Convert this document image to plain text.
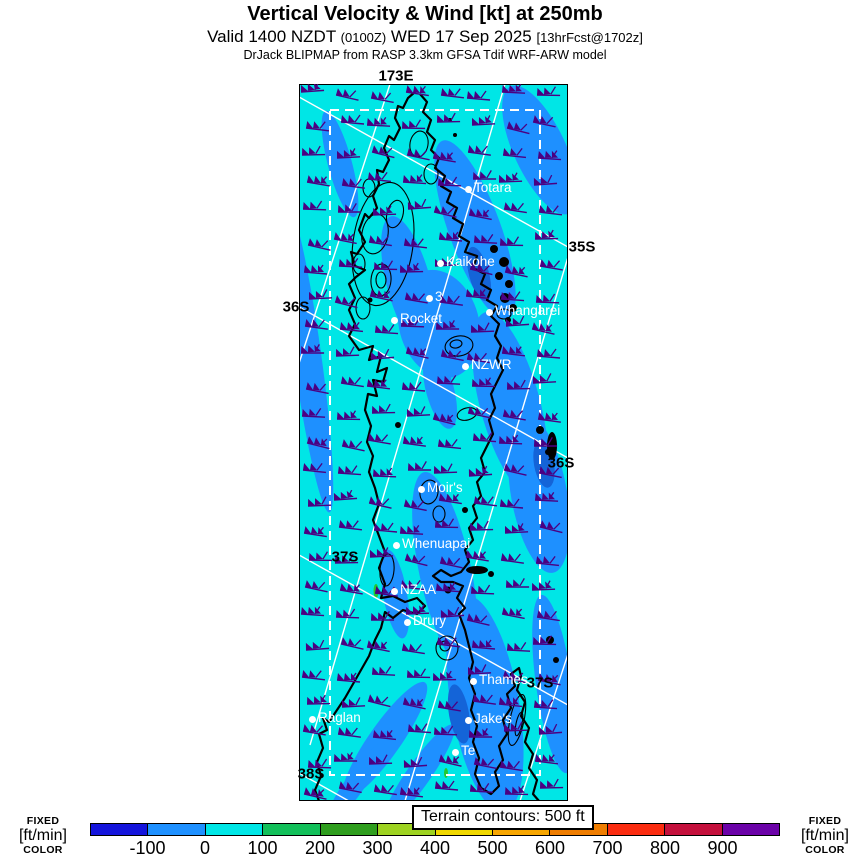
Vertical Velocity & Wind [kt] at 250mb
Valid 1400 NZDT (0100Z) WED 17 Sep 2025 [13hrFcst@1702z]
DrJack BLIPMAP from RASP 3.3km GFSA Tdif WRF-ARW model
173E
35S
36S
36S
37S
37S
38S
Totara
Kaikohe
3
Rocket
Whangarei
NZWR
Moir's
Whenuapai
NZAA
Drury
Thames
Jake's
Te
Raglan
Terrain contours: 500 ft
FIXED
[ft/min]
COLOR
FIXED
[ft/min]
COLOR
-100 0 100 200 300 400 500 600 700 800 900
